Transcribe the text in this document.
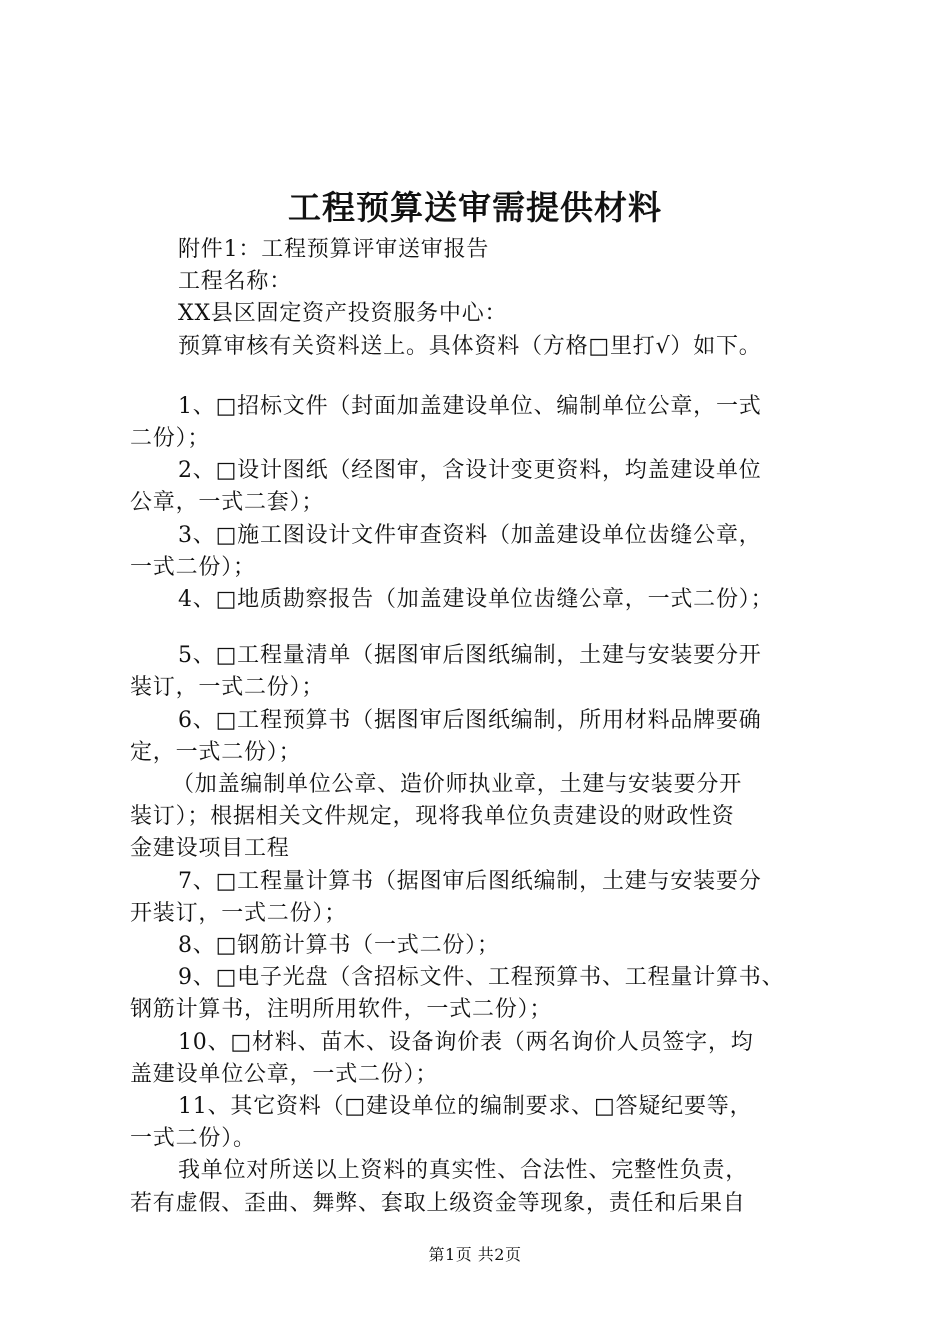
工程预算送审需提供材料

附件1：工程预算评审送审报告

工程名称：

XX县区固定资产投资服务中心：

预算审核有关资料送上。具体资料（方格□里打√）如下。

1、□招标文件（封面加盖建设单位、编制单位公章，一式

二份）；

2、□设计图纸（经图审，含设计变更资料，均盖建设单位

公章，一式二套）；

3、□施工图设计文件审查资料（加盖建设单位齿缝公章，

一式二份）；

4、□地质勘察报告（加盖建设单位齿缝公章，一式二份）；

5、□工程量清单（据图审后图纸编制，土建与安装要分开

装订，一式二份）；

6、□工程预算书（据图审后图纸编制，所用材料品牌要确

定，一式二份）；

（加盖编制单位公章、造价师执业章，土建与安装要分开

装订）；根据相关文件规定，现将我单位负责建设的财政性资

金建设项目工程

7、□工程量计算书（据图审后图纸编制，土建与安装要分

开装订，一式二份）；

8、□钢筋计算书（一式二份）；

9、□电子光盘（含招标文件、工程预算书、工程量计算书、

钢筋计算书，注明所用软件，一式二份）；

10、□材料、苗木、设备询价表（两名询价人员签字，均

盖建设单位公章，一式二份）；

11、其它资料（□建设单位的编制要求、□答疑纪要等，

一式二份）。

我单位对所送以上资料的真实性、合法性、完整性负责，

若有虚假、歪曲、舞弊、套取上级资金等现象，责任和后果自

第1页 共2页
